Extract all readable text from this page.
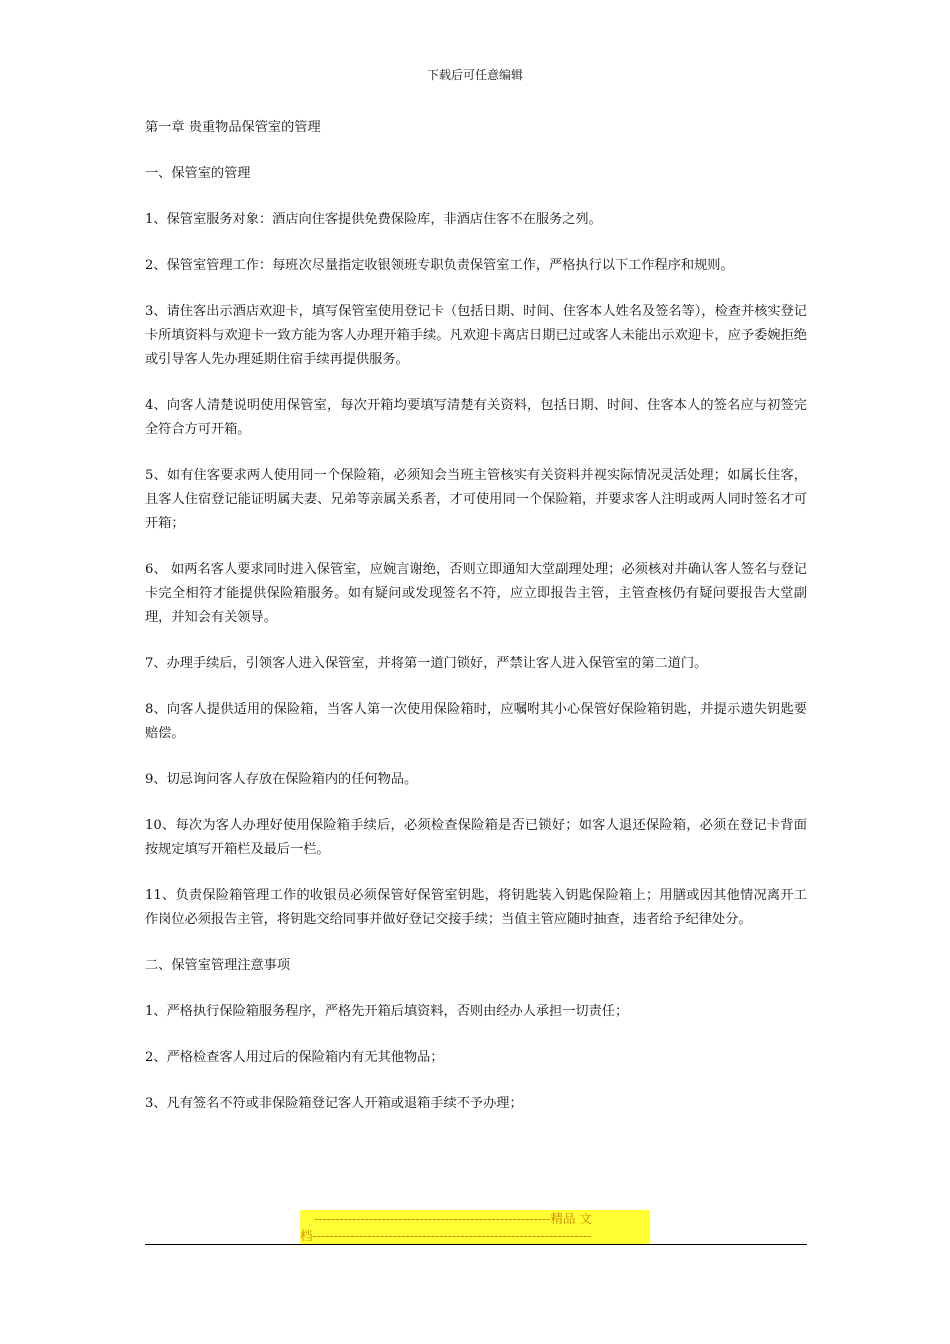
下载后可任意编辑

第一章 贵重物品保管室的管理

一、保管室的管理

1、保管室服务对象：酒店向住客提供免费保险库，非酒店住客不在服务之列。

2、保管室管理工作：每班次尽量指定收银领班专职负责保管室工作，严格执行以下工作程序和规则。

3、请住客出示酒店欢迎卡，填写保管室使用登记卡（包括日期、时间、住客本人姓名及签名等），检查并核实登记卡所填资料与欢迎卡一致方能为客人办理开箱手续。凡欢迎卡离店日期已过或客人未能出示欢迎卡，应予委婉拒绝或引导客人先办理延期住宿手续再提供服务。

4、向客人清楚说明使用保管室，每次开箱均要填写清楚有关资料，包括日期、时间、住客本人的签名应与初签完全符合方可开箱。

5、如有住客要求两人使用同一个保险箱，必须知会当班主管核实有关资料并视实际情况灵活处理；如属长住客，且客人住宿登记能证明属夫妻、兄弟等亲属关系者，才可使用同一个保险箱，并要求客人注明或两人同时签名才可开箱；

6、 如两名客人要求同时进入保管室，应婉言谢绝，否则立即通知大堂副理处理；必须核对并确认客人签名与登记卡完全相符才能提供保险箱服务。如有疑问或发现签名不符，应立即报告主管，主管查核仍有疑问要报告大堂副理，并知会有关领导。

7、办理手续后，引领客人进入保管室，并将第一道门锁好，严禁让客人进入保管室的第二道门。

8、向客人提供适用的保险箱，当客人第一次使用保险箱时，应嘱咐其小心保管好保险箱钥匙，并提示遗失钥匙要赔偿。

9、切忌询问客人存放在保险箱内的任何物品。

10、每次为客人办理好使用保险箱手续后，必须检查保险箱是否已锁好；如客人退还保险箱，必须在登记卡背面按规定填写开箱栏及最后一栏。

11、负责保险箱管理工作的收银员必须保管好保管室钥匙，将钥匙装入钥匙保险箱上；用膳或因其他情况离开工作岗位必须报告主管，将钥匙交给同事并做好登记交接手续；当值主管应随时抽查，违者给予纪律处分。

二、保管室管理注意事项

1、严格执行保险箱服务程序，严格先开箱后填资料，否则由经办人承担一切责任；

2、严格检查客人用过后的保险箱内有无其他物品；

3、凡有签名不符或非保险箱登记客人开箱或退箱手续不予办理；

--------------------------------------------------------精品 文
档------------------------------------------------------------------
